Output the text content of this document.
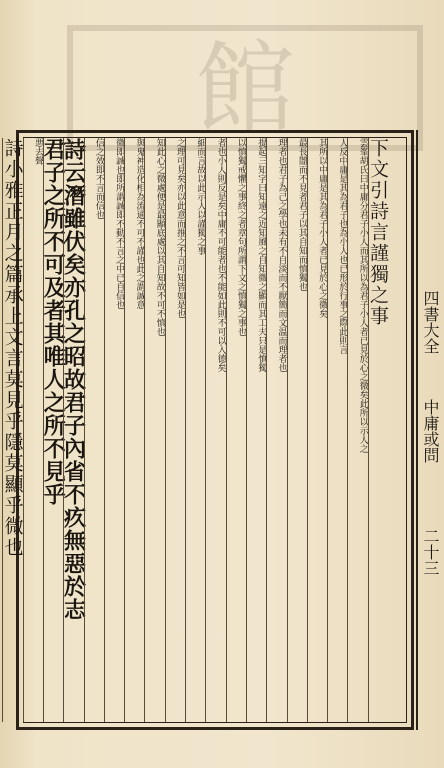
館
四書大全 中庸或問 二十三
下文引詩言謹獨之事
雲峯胡氏曰中庸分君子小人而其所以為君子小人者已見於心之微矣此所以示人之
人反中庸是其為君子也為小人也已形於行事之際此則言
其所以中庸是其為君子小人者已見於心之微矣
最長闇而不見者君子以其自知而慎獨也
理者也君子為己之學也未有不自淡而不厭簡而文温而理者也
提起三知字曰知遠之近知風之自知微之顯而其工夫只是慎獨
以慎獨戒懼之事終之者章句所謂下文之慎獨之事也
者也小人則反是矣中庸不可能者也不能如此則不可以入德矣
細而言故以此示人以謹獨之事
之理可見矣亦以此意而推之不言可知皆如是也
知此心之微處便是最顯底處以其自知故不可不慎也
與鬼神造化相為流通不可不謹也此之謂誠意
微即誠也即所謂誠即不動不言之中已自信也
信之效即不言而信也
詩云潛雖伏矣亦孔之昭故君子內省不疚無惡於志
君子之所不可及者其唯人之所不見乎
悪去聲
詩小雅正月之篇承上文言莫見乎隱莫顯乎微也
